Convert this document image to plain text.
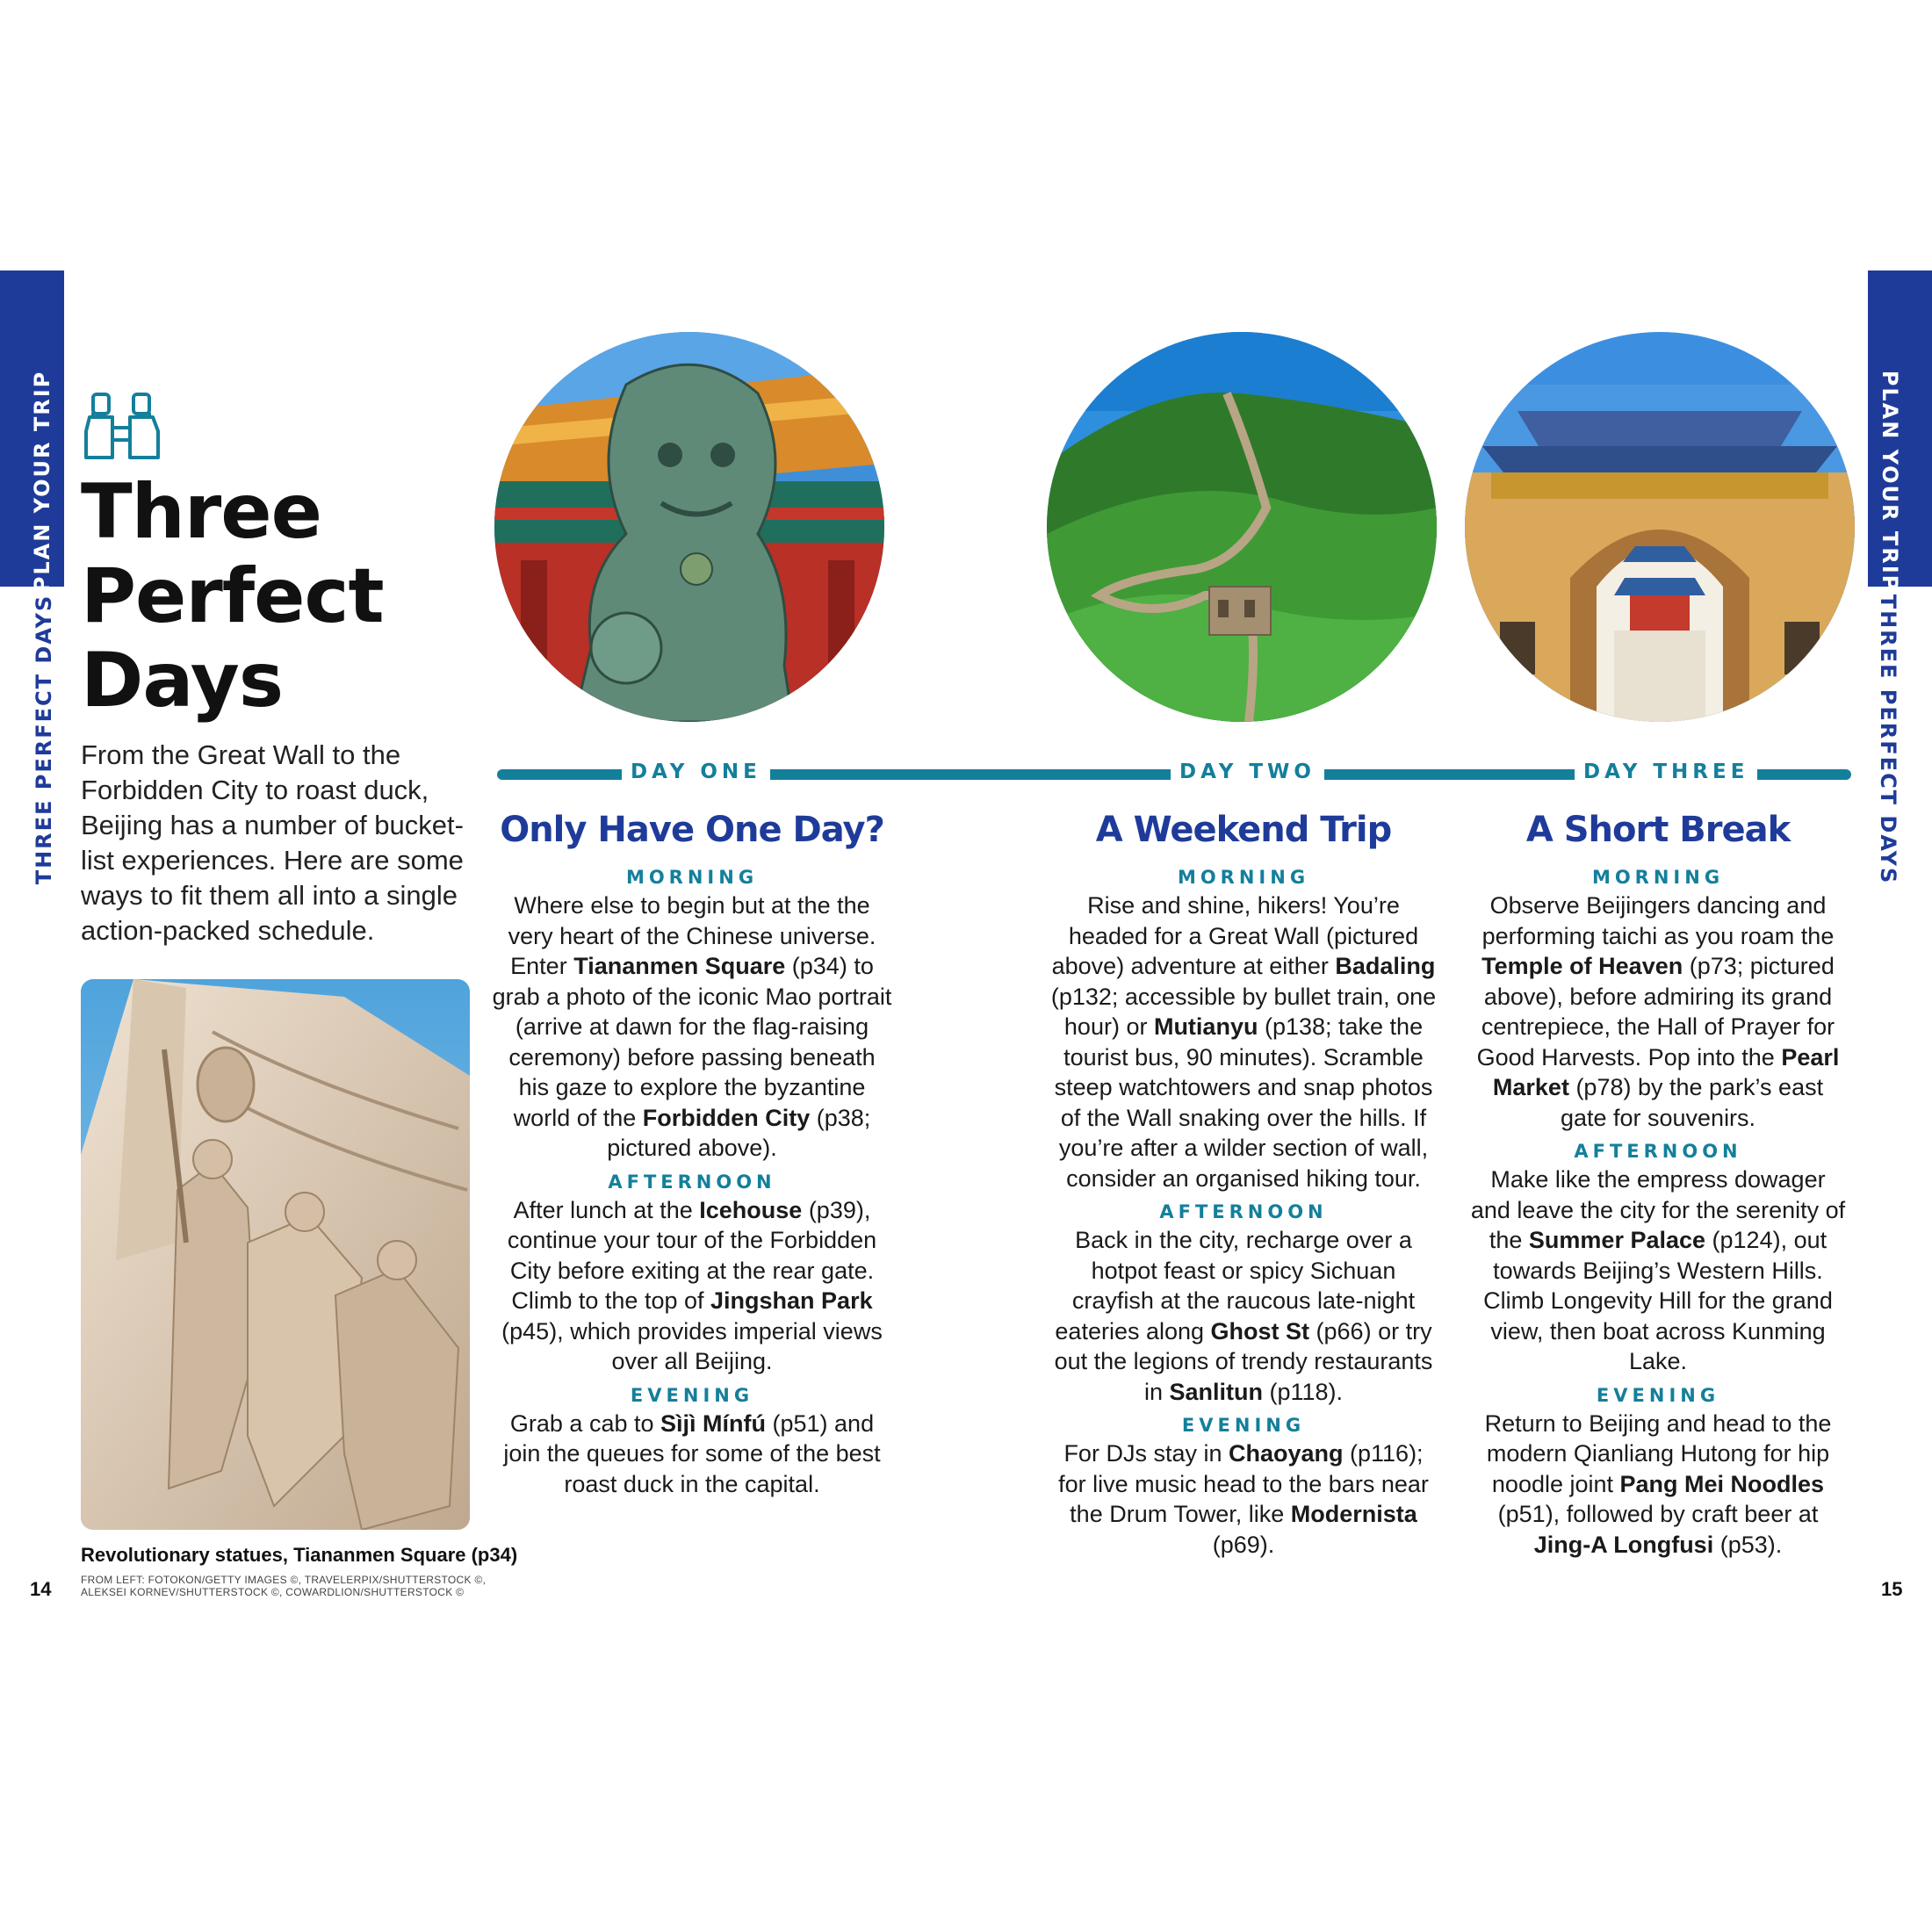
PLAN YOUR TRIP
THREE PERFECT DAYS
PLAN YOUR TRIP
THREE PERFECT DAYS
Three
Perfect
Days
From the Great Wall to the Forbidden City to roast duck, Beijing has a number of bucket-list experiences. Here are some ways to fit them all into a single action-packed schedule.
Revolutionary statues, Tiananmen Square (p34)
FROM LEFT: FOTOKON/GETTY IMAGES ©, TRAVELERPIX/SHUTTERSTOCK ©,
ALEKSEI KORNEV/SHUTTERSTOCK ©, COWARDLION/SHUTTERSTOCK ©
14	15
DAY ONE	DAY TWO	DAY THREE
Only Have One Day?
MORNING
Where else to begin but at the the very heart of the Chinese universe. Enter Tiananmen Square (p34) to grab a photo of the iconic Mao portrait (arrive at dawn for the flag-raising ceremony) before passing beneath his gaze to explore the byzantine world of the Forbidden City (p38; pictured above).
AFTERNOON
After lunch at the Icehouse (p39), continue your tour of the Forbidden City before exiting at the rear gate. Climb to the top of Jingshan Park (p45), which provides imperial views over all Beijing.
EVENING
Grab a cab to Sìjì Mínfú (p51) and join the queues for some of the best roast duck in the capital.
A Weekend Trip
MORNING
Rise and shine, hikers! You’re headed for a Great Wall (pictured above) adventure at either Badaling (p132; accessible by bullet train, one hour) or Mutianyu (p138; take the tourist bus, 90 minutes). Scramble steep watchtowers and snap photos of the Wall snaking over the hills. If you’re after a wilder section of wall, consider an organised hiking tour.
AFTERNOON
Back in the city, recharge over a hotpot feast or spicy Sichuan crayfish at the raucous late-night eateries along Ghost St (p66) or try out the legions of trendy restaurants in Sanlitun (p118).
EVENING
For DJs stay in Chaoyang (p116); for live music head to the bars near the Drum Tower, like Modernista (p69).
A Short Break
MORNING
Observe Beijingers dancing and performing taichi as you roam the Temple of Heaven (p73; pictured above), before admiring its grand centrepiece, the Hall of Prayer for Good Harvests. Pop into the Pearl Market (p78) by the park’s east gate for souvenirs.
AFTERNOON
Make like the empress dowager and leave the city for the serenity of the Summer Palace (p124), out towards Beijing’s Western Hills. Climb Longevity Hill for the grand view, then boat across Kunming Lake.
EVENING
Return to Beijing and head to the modern Qianliang Hutong for hip noodle joint Pang Mei Noodles (p51), followed by craft beer at Jing-A Longfusi (p53).
